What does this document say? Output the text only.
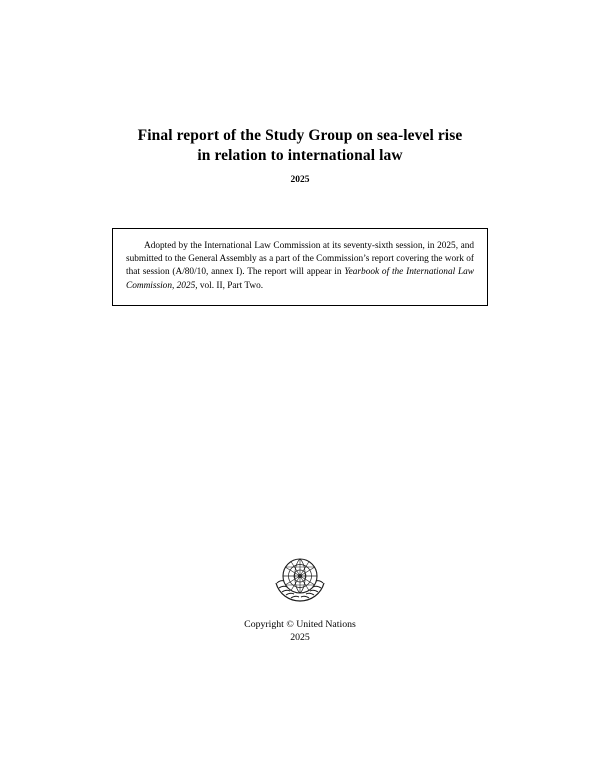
Final report of the Study Group on sea-level rise
in relation to international law
2025

Adopted by the International Law Commission at its seventy-sixth session, in 2025, and submitted to the General Assembly as a part of the Commission’s report covering the work of that session (A/80/10, annex I). The report will appear in Yearbook of the International Law Commission, 2025, vol. II, Part Two.

Copyright © United Nations
2025
